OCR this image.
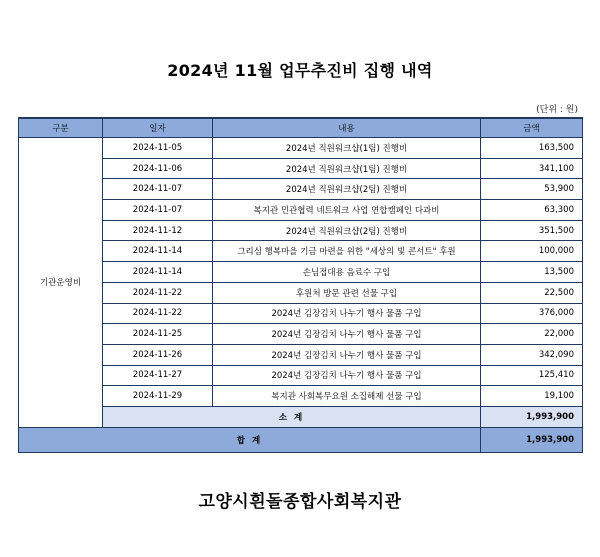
2024년 11월 업무추진비 집행 내역
(단위 : 원)
구분	일자	내용	금액
기관운영비	2024-11-05	2024년 직원워크샵(1팀) 진행비	163,500
	2024-11-06	2024년 직원워크샵(1팀) 진행비	341,100
	2024-11-07	2024년 직원워크샵(2팀) 진행비	53,900
	2024-11-07	복지관 민관협력 네트워크 사업 연합캠페인 다과비	63,300
	2024-11-12	2024년 직원워크샵(2팀) 진행비	351,500
	2024-11-14	그리심 행복마을 기금 마련을 위한 "세상의 빛 콘서트" 후원	100,000
	2024-11-14	손님접대용 음료수 구입	13,500
	2024-11-22	후원처 방문 관련 선물 구입	22,500
	2024-11-22	2024년 김장김치 나누기 행사 물품 구입	376,000
	2024-11-25	2024년 김장김치 나누기 행사 물품 구입	22,000
	2024-11-26	2024년 김장김치 나누기 행사 물품 구입	342,090
	2024-11-27	2024년 김장김치 나누기 행사 물품 구입	125,410
	2024-11-29	복지관 사회복무요원 소집해제 선물 구입	19,100
	소 계		1,993,900
합 계			1,993,900
고양시흰돌종합사회복지관
